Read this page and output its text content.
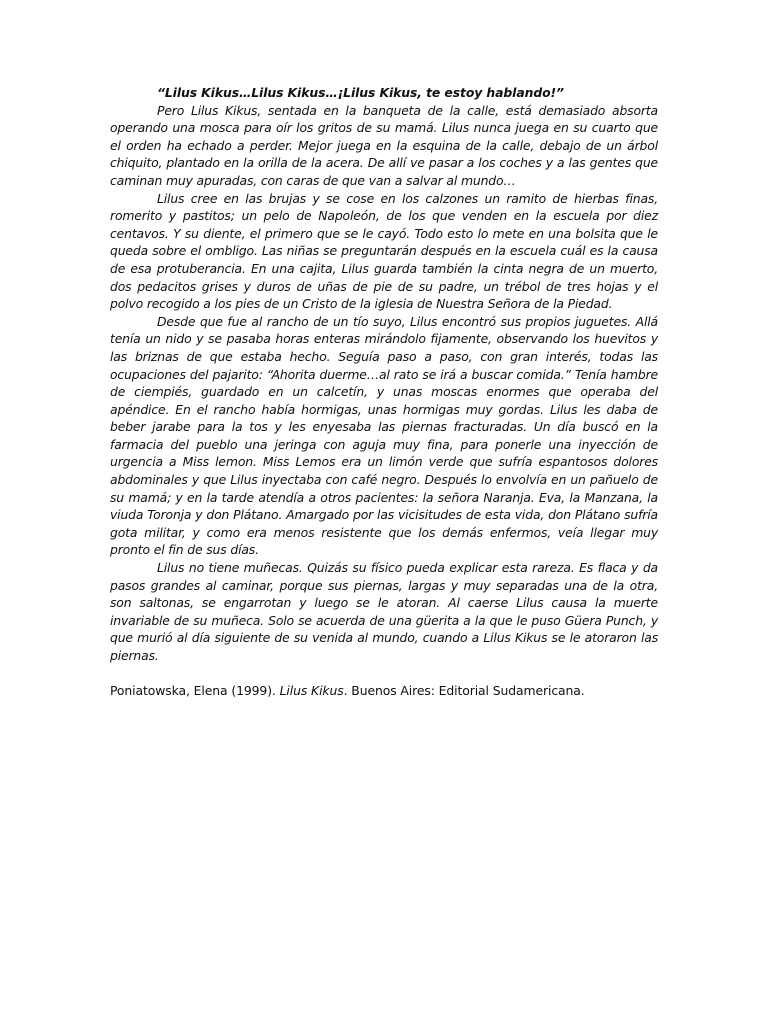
“Lilus Kikus…Lilus Kikus…¡Lilus Kikus, te estoy hablando!”

Pero Lilus Kikus, sentada en la banqueta de la calle, está demasiado absorta operando una mosca para oír los gritos de su mamá. Lilus nunca juega en su cuarto que el orden ha echado a perder. Mejor juega en la esquina de la calle, debajo de un árbol chiquito, plantado en la orilla de la acera. De allí ve pasar a los coches y a las gentes que caminan muy apuradas, con caras de que van a salvar al mundo…

Lilus cree en las brujas y se cose en los calzones un ramito de hierbas finas, romerito y pastitos; un pelo de Napoleón, de los que venden en la escuela por diez centavos. Y su diente, el primero que se le cayó. Todo esto lo mete en una bolsita que le queda sobre el ombligo. Las niñas se preguntarán después en la escuela cuál es la causa de esa protuberancia. En una cajita, Lilus guarda también la cinta negra de un muerto, dos pedacitos grises y duros de uñas de pie de su padre, un trébol de tres hojas y el polvo recogido a los pies de un Cristo de la iglesia de Nuestra Señora de la Piedad.

Desde que fue al rancho de un tío suyo, Lilus encontró sus propios juguetes. Allá tenía un nido y se pasaba horas enteras mirándolo fijamente, observando los huevitos y las briznas de que estaba hecho. Seguía paso a paso, con gran interés, todas las ocupaciones del pajarito: “Ahorita duerme…al rato se irá a buscar comida.” Tenía hambre de ciempiés, guardado en un calcetín, y unas moscas enormes que operaba del apéndice. En el rancho había hormigas, unas hormigas muy gordas. Lilus les daba de beber jarabe para la tos y les enyesaba las piernas fracturadas. Un día buscó en la farmacia del pueblo una jeringa con aguja muy fina, para ponerle una inyección de urgencia a Miss lemon. Miss Lemos era un limón verde que sufría espantosos dolores abdominales y que Lilus inyectaba con café negro. Después lo envolvía en un pañuelo de su mamá; y en la tarde atendía a otros pacientes: la señora Naranja. Eva, la Manzana, la viuda Toronja y don Plátano. Amargado por las vicisitudes de esta vida, don Plátano sufría gota militar, y como era menos resistente que los demás enfermos, veía llegar muy pronto el fin de sus días.

Lilus no tiene muñecas. Quizás su físico pueda explicar esta rareza. Es flaca y da pasos grandes al caminar, porque sus piernas, largas y muy separadas una de la otra, son saltonas, se engarrotan y luego se le atoran. Al caerse Lilus causa la muerte invariable de su muñeca. Solo se acuerda de una güerita a la que le puso Güera Punch, y que murió al día siguiente de su venida al mundo, cuando a Lilus Kikus se le atoraron las piernas.

Poniatowska, Elena (1999). Lilus Kikus. Buenos Aires: Editorial Sudamericana.
